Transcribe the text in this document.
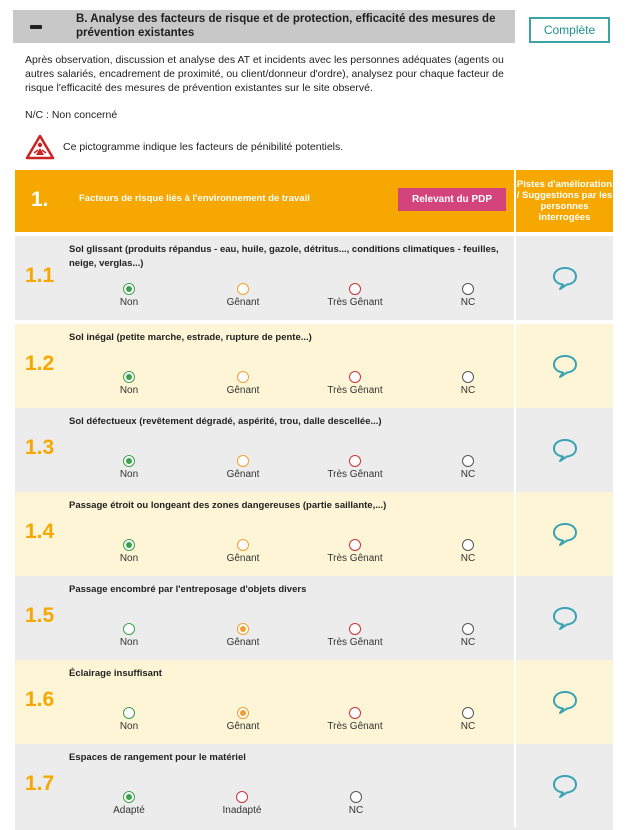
B. Analyse des facteurs de risque et de protection, efficacité des mesures de prévention existantes	Complète
Après observation, discussion et analyse des AT et incidents avec les personnes adéquates (agents ou autres salariés, encadrement de proximité, ou client/donneur d'ordre), analysez pour chaque facteur de risque l'efficacité des mesures de prévention existantes sur le site observé.
N/C : Non concerné
Ce pictogramme indique les facteurs de pénibilité potentiels.
1.	Facteurs de risque liés à l'environnement de travail	Relevant du PDP
Pistes d'amélioration / Suggestions par les personnes interrogées
1.1
Sol glissant (produits répandus - eau, huile, gazole, détritus..., conditions climatiques - feuilles, neige, verglas...)
Non	Gênant	Très Gênant	NC
1.2
Sol inégal (petite marche, estrade, rupture de pente...)
Non	Gênant	Très Gênant	NC
1.3
Sol défectueux (revêtement dégradé, aspérité, trou, dalle descellée...)
Non	Gênant	Très Gênant	NC
1.4
Passage étroit ou longeant des zones dangereuses (partie saillante,...)
Non	Gênant	Très Gênant	NC
1.5
Passage encombré par l'entreposage d'objets divers
Non	Gênant	Très Gênant	NC
1.6
Éclairage insuffisant
Non	Gênant	Très Gênant	NC
1.7
Espaces de rangement pour le matériel
Adapté	Inadapté	NC
